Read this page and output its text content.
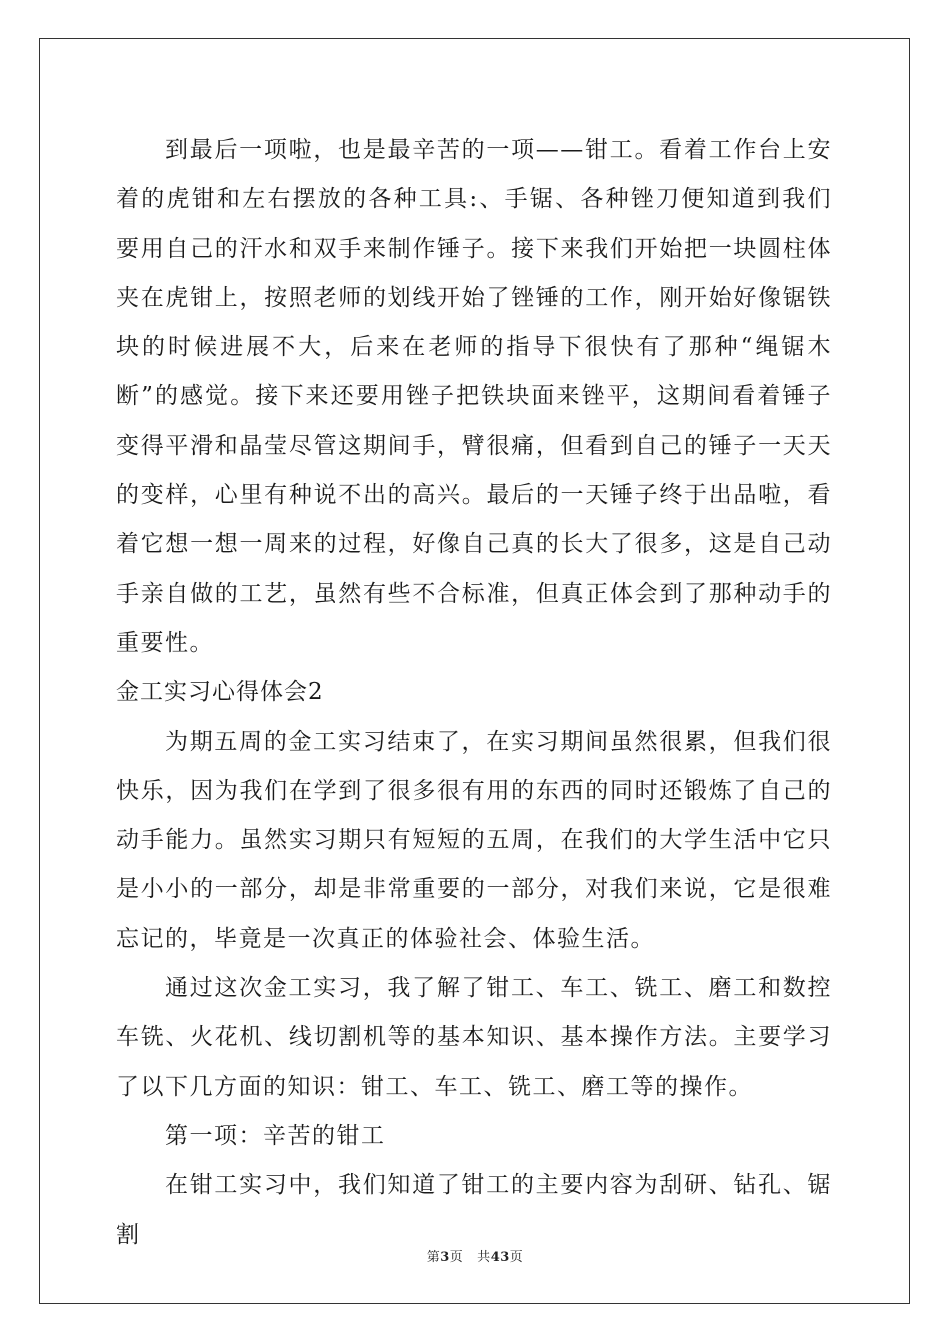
到最后一项啦，也是最辛苦的一项——钳工。看着工作台上安着的虎钳和左右摆放的各种工具:、手锯、各种锉刀便知道到我们要用自己的汗水和双手来制作锤子。接下来我们开始把一块圆柱体夹在虎钳上，按照老师的划线开始了锉锤的工作，刚开始好像锯铁块的时候进展不大，后来在老师的指导下很快有了那种“绳锯木断”的感觉。接下来还要用锉子把铁块面来锉平，这期间看着锤子变得平滑和晶莹尽管这期间手，臂很痛，但看到自己的锤子一天天的变样，心里有种说不出的高兴。最后的一天锤子终于出品啦，看着它想一想一周来的过程，好像自己真的长大了很多，这是自己动手亲自做的工艺，虽然有些不合标准，但真正体会到了那种动手的重要性。

金工实习心得体会2

为期五周的金工实习结束了，在实习期间虽然很累，但我们很快乐，因为我们在学到了很多很有用的东西的同时还锻炼了自己的动手能力。虽然实习期只有短短的五周，在我们的大学生活中它只是小小的一部分，却是非常重要的一部分，对我们来说，它是很难忘记的，毕竟是一次真正的体验社会、体验生活。

通过这次金工实习，我了解了钳工、车工、铣工、磨工和数控车铣、火花机、线切割机等的基本知识、基本操作方法。主要学习了以下几方面的知识：钳工、车工、铣工、磨工等的操作。

第一项：辛苦的钳工

在钳工实习中，我们知道了钳工的主要内容为刮研、钻孔、锯割

第3页 共43页
